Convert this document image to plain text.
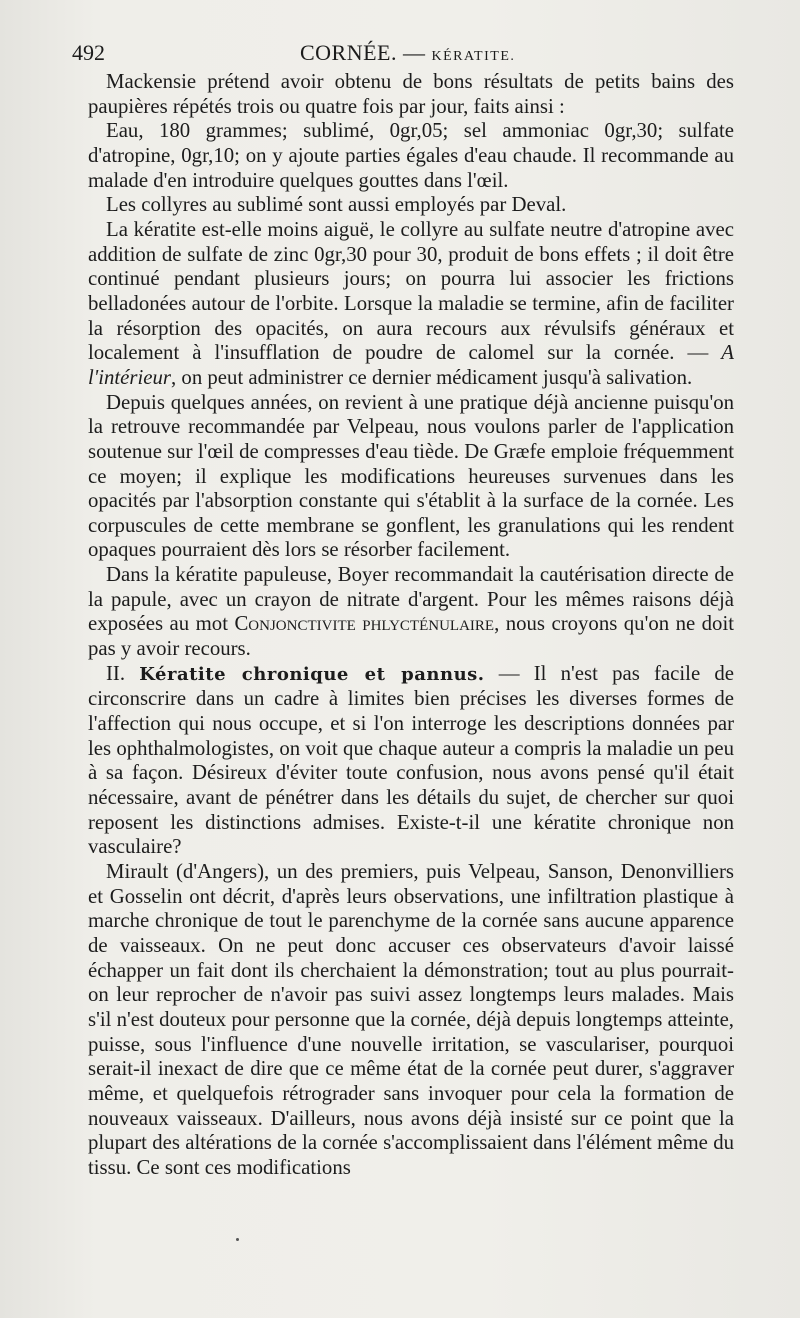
492	CORNÉE. — KÉRATITE.

Mackensie prétend avoir obtenu de bons résultats de petits bains des paupières répétés trois ou quatre fois par jour, faits ainsi :

Eau, 180 grammes; sublimé, 0gr,05; sel ammoniac 0gr,30; sulfate d'atropine, 0gr,10; on y ajoute parties égales d'eau chaude. Il recommande au malade d'en introduire quelques gouttes dans l'œil.

Les collyres au sublimé sont aussi employés par Deval.

La kératite est-elle moins aiguë, le collyre au sulfate neutre d'atropine avec addition de sulfate de zinc 0gr,30 pour 30, produit de bons effets ; il doit être continué pendant plusieurs jours; on pourra lui associer les frictions belladonées autour de l'orbite. Lorsque la maladie se termine, afin de faciliter la résorption des opacités, on aura recours aux révulsifs généraux et localement à l'insufflation de poudre de calomel sur la cornée. — A l'intérieur, on peut administrer ce dernier médicament jusqu'à salivation.

Depuis quelques années, on revient à une pratique déjà ancienne puisqu'on la retrouve recommandée par Velpeau, nous voulons parler de l'application soutenue sur l'œil de compresses d'eau tiède. De Græfe emploie fréquemment ce moyen; il explique les modifications heureuses survenues dans les opacités par l'absorption constante qui s'établit à la surface de la cornée. Les corpuscules de cette membrane se gonflent, les granulations qui les rendent opaques pourraient dès lors se résorber facilement.

Dans la kératite papuleuse, Boyer recommandait la cautérisation directe de la papule, avec un crayon de nitrate d'argent. Pour les mêmes raisons déjà exposées au mot Conjonctivite phlycténulaire, nous croyons qu'on ne doit pas y avoir recours.

II. Kératite chronique et pannus. — Il n'est pas facile de circonscrire dans un cadre à limites bien précises les diverses formes de l'affection qui nous occupe, et si l'on interroge les descriptions données par les ophthalmologistes, on voit que chaque auteur a compris la maladie un peu à sa façon. Désireux d'éviter toute confusion, nous avons pensé qu'il était nécessaire, avant de pénétrer dans les détails du sujet, de chercher sur quoi reposent les distinctions admises. Existe-t-il une kératite chronique non vasculaire?

Mirault (d'Angers), un des premiers, puis Velpeau, Sanson, Denonvilliers et Gosselin ont décrit, d'après leurs observations, une infiltration plastique à marche chronique de tout le parenchyme de la cornée sans aucune apparence de vaisseaux. On ne peut donc accuser ces observateurs d'avoir laissé échapper un fait dont ils cherchaient la démonstration; tout au plus pourrait-on leur reprocher de n'avoir pas suivi assez longtemps leurs malades. Mais s'il n'est douteux pour personne que la cornée, déjà depuis longtemps atteinte, puisse, sous l'influence d'une nouvelle irritation, se vasculariser, pourquoi serait-il inexact de dire que ce même état de la cornée peut durer, s'aggraver même, et quelquefois rétrograder sans invoquer pour cela la formation de nouveaux vaisseaux. D'ailleurs, nous avons déjà insisté sur ce point que la plupart des altérations de la cornée s'accomplissaient dans l'élément même du tissu. Ce sont ces modifications
